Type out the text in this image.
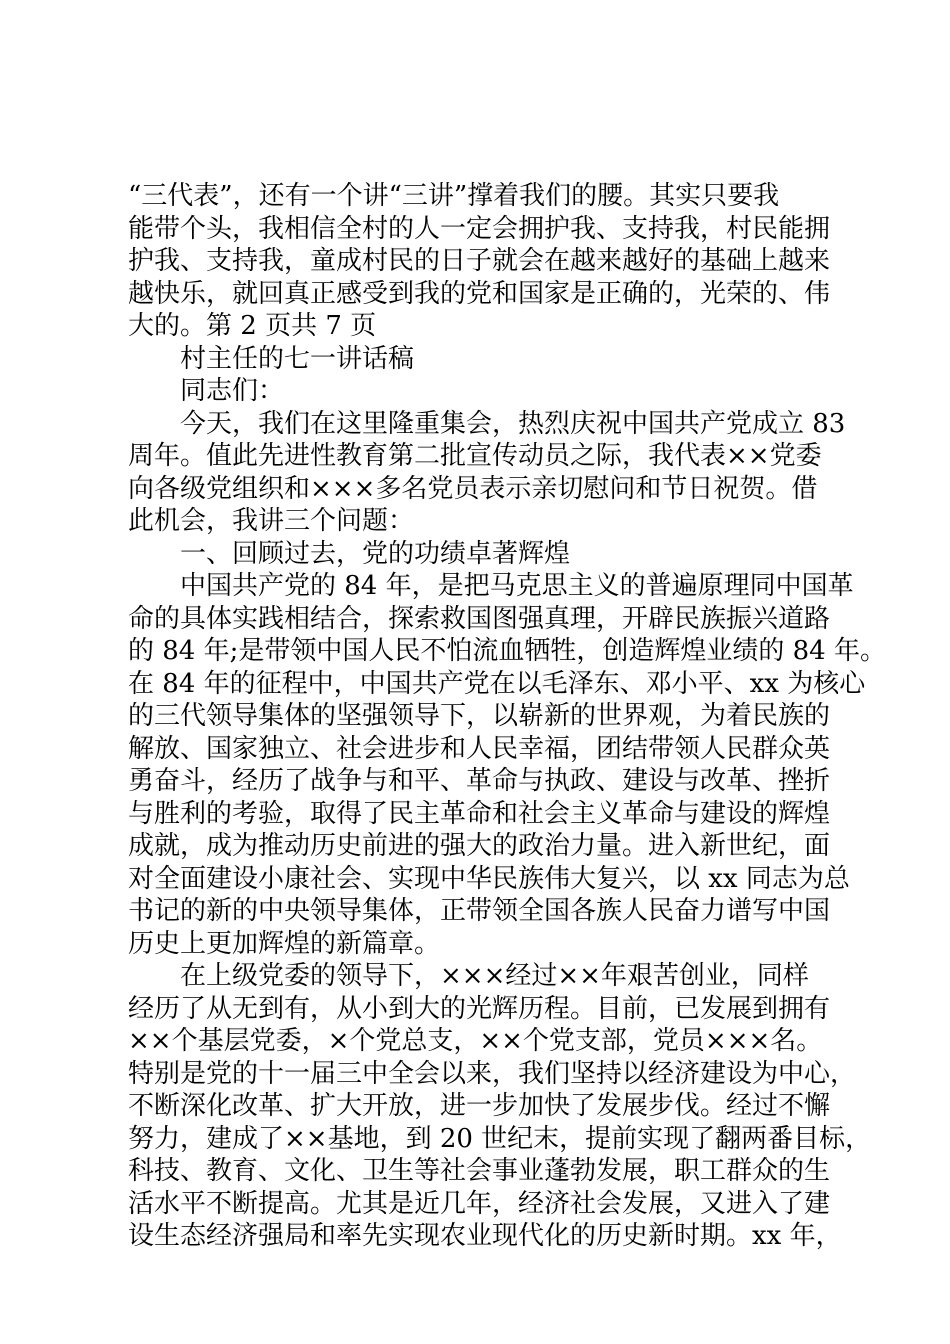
“三代表”，还有一个讲“三讲”撑着我们的腰。其实只要我
能带个头，我相信全村的人一定会拥护我、支持我，村民能拥
护我、支持我，童成村民的日子就会在越来越好的基础上越来
越快乐，就回真正感受到我的党和国家是正确的，光荣的、伟
大的。第 2 页共 7 页
村主任的七一讲话稿
同志们：
今天，我们在这里隆重集会，热烈庆祝中国共产党成立 83
周年。值此先进性教育第二批宣传动员之际，我代表××党委
向各级党组织和×××多名党员表示亲切慰问和节日祝贺。借
此机会，我讲三个问题：
一、回顾过去，党的功绩卓著辉煌
中国共产党的 84 年，是把马克思主义的普遍原理同中国革
命的具体实践相结合，探索救国图强真理，开辟民族振兴道路
的 84 年;是带领中国人民不怕流血牺牲，创造辉煌业绩的 84 年。
在 84 年的征程中，中国共产党在以毛泽东、邓小平、xx 为核心
的三代领导集体的坚强领导下，以崭新的世界观，为着民族的
解放、国家独立、社会进步和人民幸福，团结带领人民群众英
勇奋斗，经历了战争与和平、革命与执政、建设与改革、挫折
与胜利的考验，取得了民主革命和社会主义革命与建设的辉煌
成就，成为推动历史前进的强大的政治力量。进入新世纪，面
对全面建设小康社会、实现中华民族伟大复兴，以 xx 同志为总
书记的新的中央领导集体，正带领全国各族人民奋力谱写中国
历史上更加辉煌的新篇章。
在上级党委的领导下，×××经过××年艰苦创业，同样
经历了从无到有，从小到大的光辉历程。目前，已发展到拥有
××个基层党委，×个党总支，××个党支部，党员×××名。
特别是党的十一届三中全会以来，我们坚持以经济建设为中心，
不断深化改革、扩大开放，进一步加快了发展步伐。经过不懈
努力，建成了××基地，到 20 世纪末，提前实现了翻两番目标，
科技、教育、文化、卫生等社会事业蓬勃发展，职工群众的生
活水平不断提高。尤其是近几年，经济社会发展，又进入了建
设生态经济强局和率先实现农业现代化的历史新时期。xx 年，
